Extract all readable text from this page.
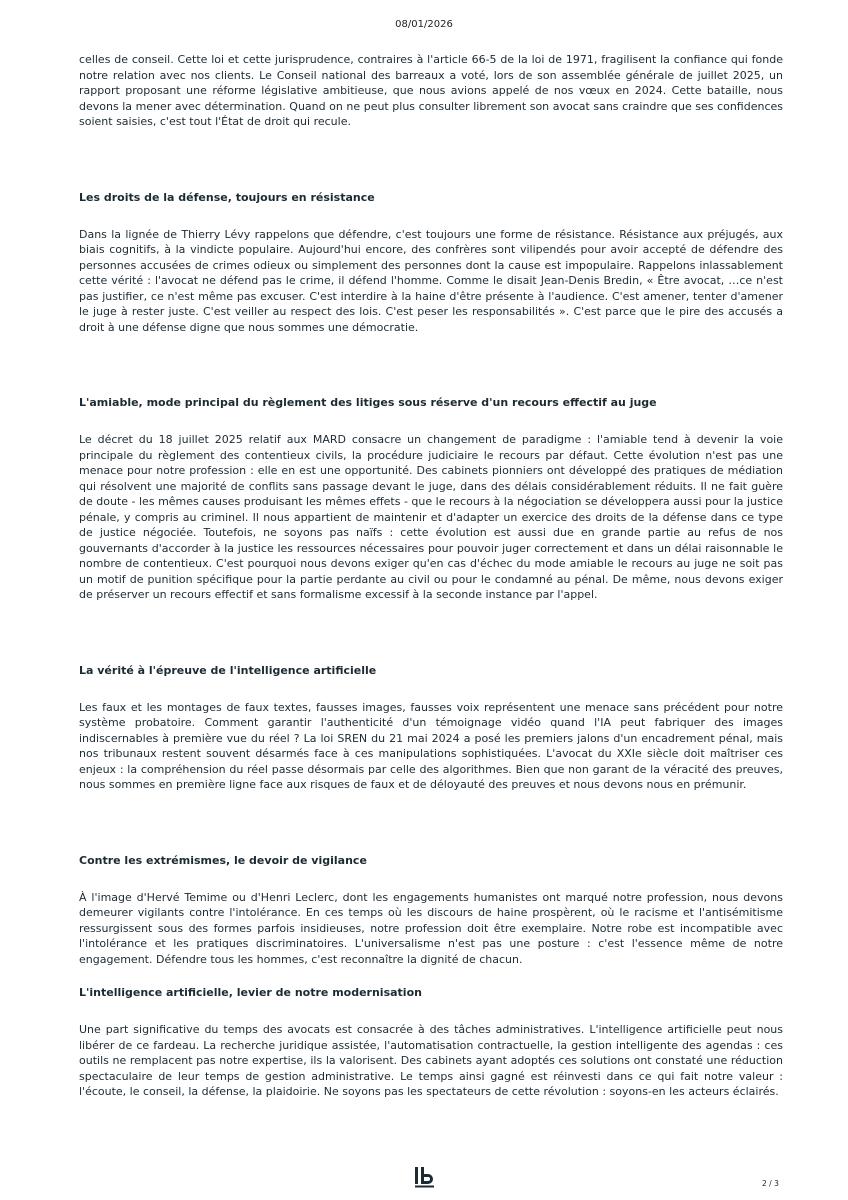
08/01/2026

celles de conseil. Cette loi et cette jurisprudence, contraires à l'article 66-5 de la loi de 1971, fragilisent la confiance qui fonde notre relation avec nos clients. Le Conseil national des barreaux a voté, lors de son assemblée générale de juillet 2025, un rapport proposant une réforme législative ambitieuse, que nous avions appelé de nos vœux en 2024. Cette bataille, nous devons la mener avec détermination. Quand on ne peut plus consulter librement son avocat sans craindre que ses confidences soient saisies, c'est tout l'État de droit qui recule.

Les droits de la défense, toujours en résistance

Dans la lignée de Thierry Lévy rappelons que défendre, c'est toujours une forme de résistance. Résistance aux préjugés, aux biais cognitifs, à la vindicte populaire. Aujourd'hui encore, des confrères sont vilipendés pour avoir accepté de défendre des personnes accusées de crimes odieux ou simplement des personnes dont la cause est impopulaire. Rappelons inlassablement cette vérité : l'avocat ne défend pas le crime, il défend l'homme. Comme le disait Jean-Denis Bredin, « Être avocat, …ce n'est pas justifier, ce n'est même pas excuser. C'est interdire à la haine d'être présente à l'audience. C'est amener, tenter d'amener le juge à rester juste. C'est veiller au respect des lois. C'est peser les responsabilités ». C'est parce que le pire des accusés a droit à une défense digne que nous sommes une démocratie.

L'amiable, mode principal du règlement des litiges sous réserve d'un recours effectif au juge

Le décret du 18 juillet 2025 relatif aux MARD consacre un changement de paradigme : l'amiable tend à devenir la voie principale du règlement des contentieux civils, la procédure judiciaire le recours par défaut. Cette évolution n'est pas une menace pour notre profession : elle en est une opportunité. Des cabinets pionniers ont développé des pratiques de médiation qui résolvent une majorité de conflits sans passage devant le juge, dans des délais considérablement réduits. Il ne fait guère de doute - les mêmes causes produisant les mêmes effets - que le recours à la négociation se développera aussi pour la justice pénale, y compris au criminel. Il nous appartient de maintenir et d'adapter un exercice des droits de la défense dans ce type de justice négociée. Toutefois, ne soyons pas naïfs : cette évolution est aussi due en grande partie au refus de nos gouvernants d'accorder à la justice les ressources nécessaires pour pouvoir juger correctement et dans un délai raisonnable le nombre de contentieux. C'est pourquoi nous devons exiger qu'en cas d'échec du mode amiable le recours au juge ne soit pas un motif de punition spécifique pour la partie perdante au civil ou pour le condamné au pénal. De même, nous devons exiger de préserver un recours effectif et sans formalisme excessif à la seconde instance par l'appel.

La vérité à l'épreuve de l'intelligence artificielle

Les faux et les montages de faux textes, fausses images, fausses voix représentent une menace sans précédent pour notre système probatoire. Comment garantir l'authenticité d'un témoignage vidéo quand l'IA peut fabriquer des images indiscernables à première vue du réel ? La loi SREN du 21 mai 2024 a posé les premiers jalons d'un encadrement pénal, mais nos tribunaux restent souvent désarmés face à ces manipulations sophistiquées. L'avocat du XXIe siècle doit maîtriser ces enjeux : la compréhension du réel passe désormais par celle des algorithmes. Bien que non garant de la véracité des preuves, nous sommes en première ligne face aux risques de faux et de déloyauté des preuves et nous devons nous en prémunir.

Contre les extrémismes, le devoir de vigilance

À l'image d'Hervé Temime ou d'Henri Leclerc, dont les engagements humanistes ont marqué notre profession, nous devons demeurer vigilants contre l'intolérance. En ces temps où les discours de haine prospèrent, où le racisme et l'antisémitisme ressurgissent sous des formes parfois insidieuses, notre profession doit être exemplaire. Notre robe est incompatible avec l'intolérance et les pratiques discriminatoires. L'universalisme n'est pas une posture : c'est l'essence même de notre engagement. Défendre tous les hommes, c'est reconnaître la dignité de chacun.

L'intelligence artificielle, levier de notre modernisation

Une part significative du temps des avocats est consacrée à des tâches administratives. L'intelligence artificielle peut nous libérer de ce fardeau. La recherche juridique assistée, l'automatisation contractuelle, la gestion intelligente des agendas : ces outils ne remplacent pas notre expertise, ils la valorisent. Des cabinets ayant adoptés ces solutions ont constaté une réduction spectaculaire de leur temps de gestion administrative. Le temps ainsi gagné est réinvesti dans ce qui fait notre valeur : l'écoute, le conseil, la défense, la plaidoirie. Ne soyons pas les spectateurs de cette révolution : soyons-en les acteurs éclairés.

2 / 3
